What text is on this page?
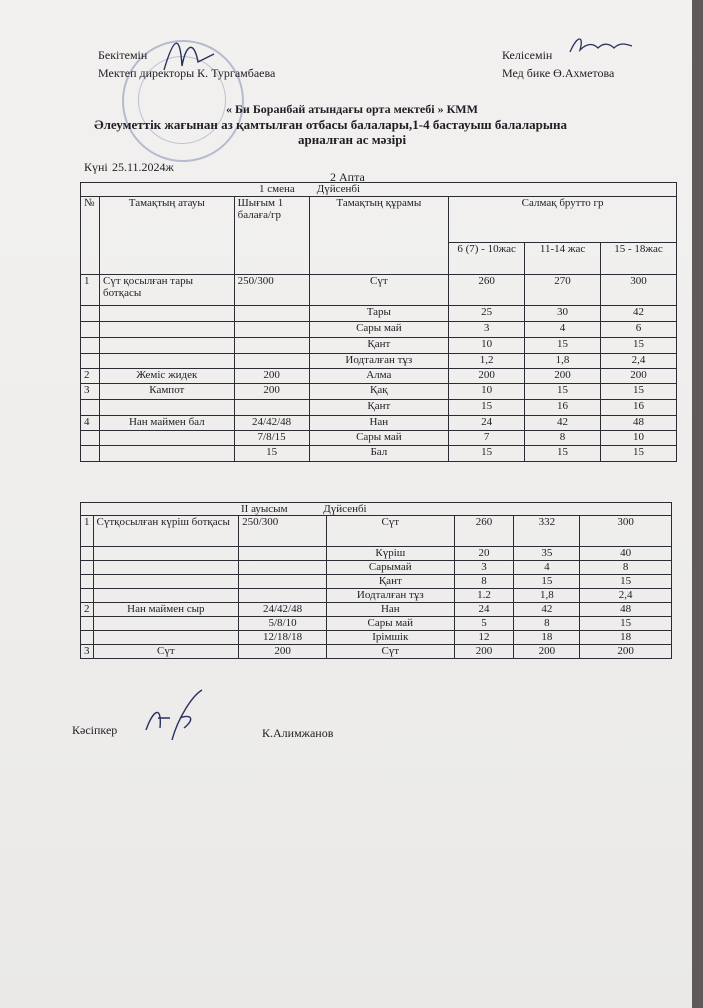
Бекітемін
Мектеп директоры К. Тургамбаева
Келісемін
Мед бике Ө.Ахметова
« Би Боранбай атындағы орта мектебі » КММ
Әлеуметтік жағынан аз қамтылған отбасы балалары,1-4 бастауыш балаларына
арналған ас мәзірі
Күні 25.11.2024ж
2 Апта
1 смена Дүйсенбі						
№	Тамақтың атауы	Шығым 1 балаға/гр	Тамақтың құрамы	Салмақ брутто гр		
				6 (7) - 10жас	11-14 жас	15 - 18жас
1	Сүт қосылған тары ботқасы	250/300	Сүт	260	270	300
			Тары	25	30	42
			Сары май	3	4	6
			Қант	10	15	15
			Иодталған тұз	1,2	1,8	2,4
2	Жеміс жидек	200	Алма	200	200	200
3	Кампот	200	Қақ	10	15	15
			Қант	15	16	16
4	Нан маймен бал	24/42/48	Нан	24	42	48
		7/8/15	Сары май	7	8	10
		15	Бал	15	15	15
II ауысым Дүйсенбі						
1	Сүтқосылған күріш ботқасы	250/300	Сүт	260	332	300
			Күріш	20	35	40
			Сарымай	3	4	8
			Қант	8	15	15
			Иодталған тұз	1.2	1,8	2,4
2	Нан маймен сыр	24/42/48	Нан	24	42	48
		5/8/10	Сары май	5	8	15
		12/18/18	Ірімшік	12	18	18
3	Сүт	200	Сүт	200	200	200
Кәсіпкер	К.Алимжанов
